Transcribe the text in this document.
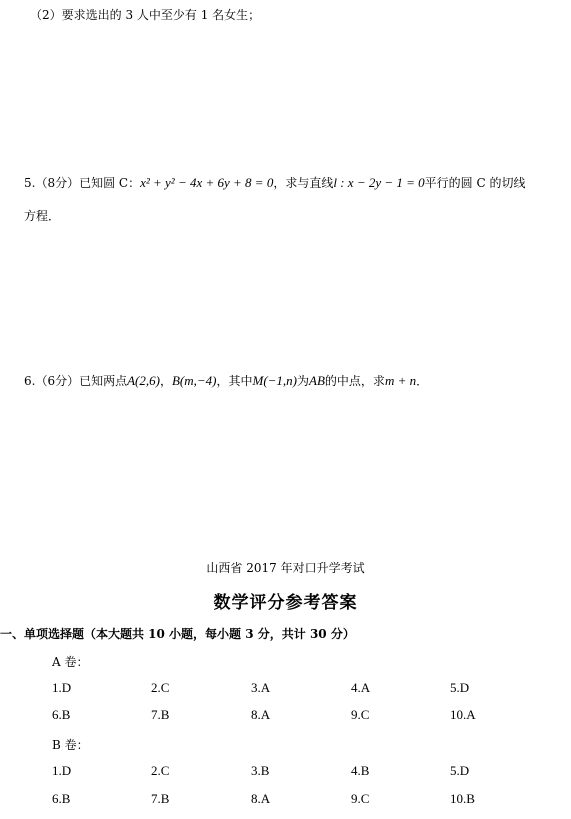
（2）要求选出的 3 人中至少有 1 名女生；
5.（8分）已知圆 C：x² + y² − 4x + 6y + 8 = 0，求与直线l : x − 2y − 1 = 0平行的圆 C 的切线
方程．
6.（6分）已知两点A(2,6)，B(m,−4)，其中M(−1,n)为AB的中点，求m + n．
山西省 2017 年对口升学考试
数学评分参考答案
一、单项选择题（本大题共 10 小题，每小题 3 分，共计 30 分）
A 卷：
1.D	2.C	3.A	4.A	5.D
6.B	7.B	8.A	9.C	10.A
B 卷：
1.D	2.C	3.B	4.B	5.D
6.B	7.B	8.A	9.C	10.B
